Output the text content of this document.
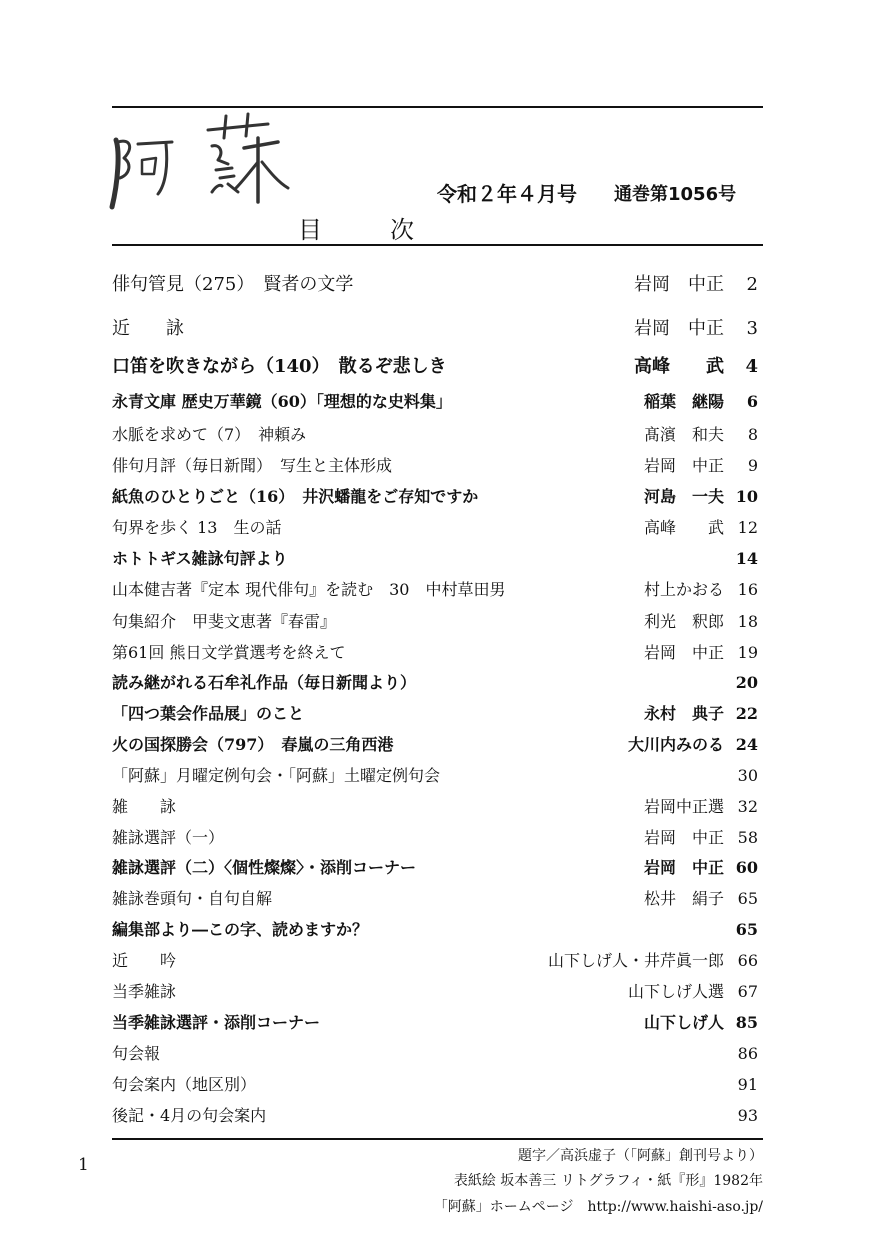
令和２年４月号 通巻第1056号
目　次
俳句管見（275）　賢者の文学	岩岡　中正	2
近　　詠	岩岡　中正	3
口笛を吹きながら（140）　散るぞ悲しき	高峰　　武	4
永青文庫 歴史万華鏡（60）「理想的な史料集」	稲葉　継陽	6
水脈を求めて（7）　神頼み	髙濱　和夫	8
俳句月評（毎日新聞）　写生と主体形成	岩岡　中正	9
紙魚のひとりごと（16）　井沢蟠龍をご存知ですか	河島　一夫 10
句界を歩く 13　生の話	高峰　　武 12
ホトトギス雑詠句評より	14
山本健吉著『定本 現代俳句』を読む　30　中村草田男	村上かおる 16
句集紹介　甲斐文恵著『春雷』	利光　釈郎 18
第61回 熊日文学賞選考を終えて	岩岡　中正 19
読み継がれる石牟礼作品（毎日新聞より）	20
「四つ葉会作品展」のこと	永村　典子 22
火の国探勝会（797）　春嵐の三角西港	大川内みのる 24
「阿蘇」月曜定例句会・「阿蘇」土曜定例句会	30
雑　　詠	岩岡中正選 32
雑詠選評（一）	岩岡　中正 58
雑詠選評（二）〈個性燦燦〉・添削コーナー	岩岡　中正 60
雑詠巻頭句・自句自解	松井　絹子 65
編集部より―この字、読めますか？	65
近　　吟	山下しげ人・井芹眞一郎 66
当季雑詠	山下しげ人選 67
当季雑詠選評・添削コーナー	山下しげ人 85
句会報	86
句会案内（地区別）	91
後記・4月の句会案内	93
1	題字／高浜虚子（「阿蘇」創刊号より）
表紙絵 坂本善三 リトグラフィ・紙『形』1982年
「阿蘇」ホームページ　http://www.haishi-aso.jp/
